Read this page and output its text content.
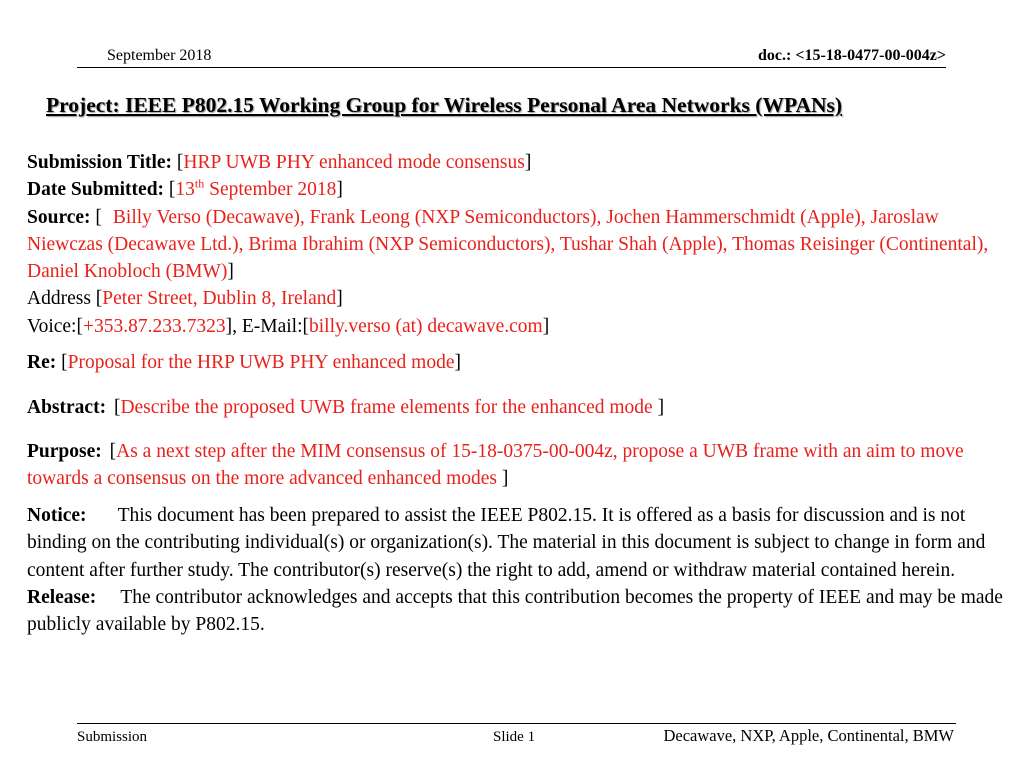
September 2018	doc.: <15-18-0477-00-004z>
Project: IEEE P802.15 Working Group for Wireless Personal Area Networks (WPANs)
Submission Title: [HRP UWB PHY enhanced mode consensus]
Date Submitted: [13th September 2018]
Source: [ Billy Verso (Decawave), Frank Leong (NXP Semiconductors), Jochen Hammerschmidt (Apple), Jaroslaw Niewczas (Decawave Ltd.), Brima Ibrahim (NXP Semiconductors), Tushar Shah (Apple), Thomas Reisinger (Continental), Daniel Knobloch (BMW)]
Address [Peter Street, Dublin 8, Ireland]
Voice:[+353.87.233.7323], E-Mail:[billy.verso (at) decawave.com]
Re: [Proposal for the HRP UWB PHY enhanced mode]
Abstract: [Describe the proposed UWB frame elements for the enhanced mode ]
Purpose: [As a next step after the MIM consensus of 15-18-0375-00-004z, propose a UWB frame with an aim to move towards a consensus on the more advanced enhanced modes ]
Notice: This document has been prepared to assist the IEEE P802.15. It is offered as a basis for discussion and is not binding on the contributing individual(s) or organization(s). The material in this document is subject to change in form and content after further study. The contributor(s) reserve(s) the right to add, amend or withdraw material contained herein.
Release: The contributor acknowledges and accepts that this contribution becomes the property of IEEE and may be made publicly available by P802.15.
Submission	Slide 1	Decawave, NXP, Apple, Continental, BMW
